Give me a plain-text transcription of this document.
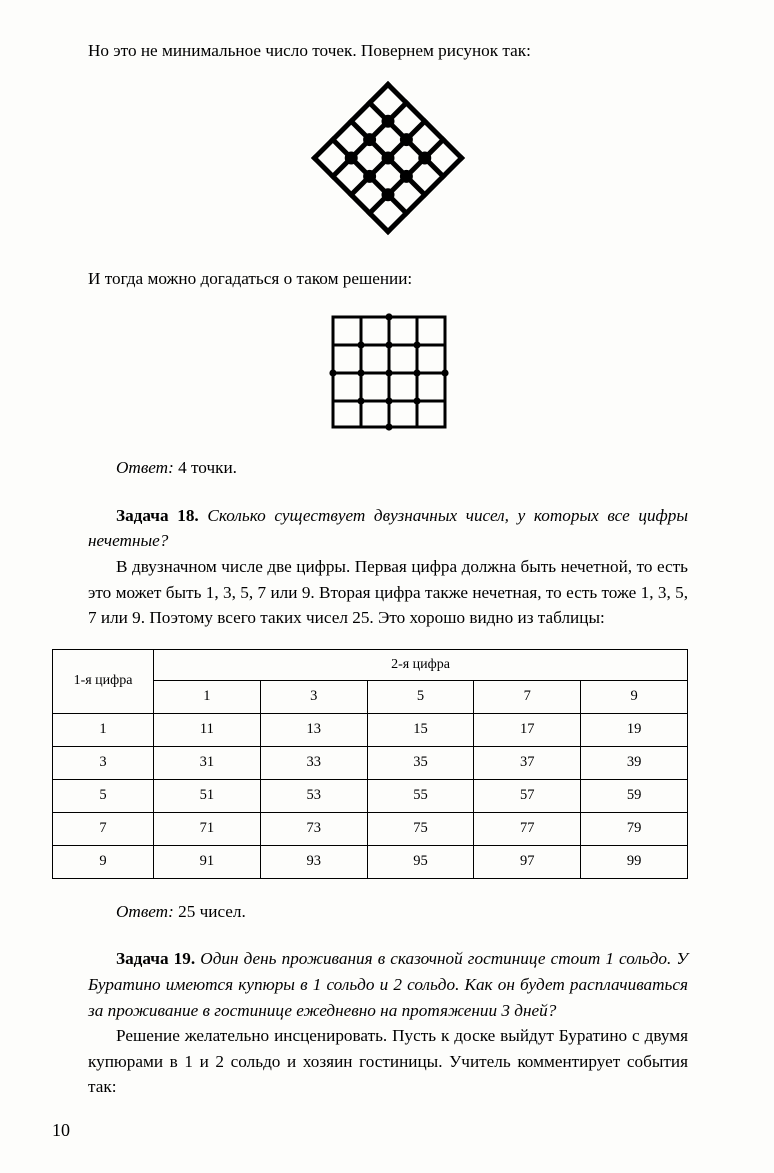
Но это не минимальное число точек. Повернем рисунок так:

И тогда можно догадаться о таком решении:

Ответ: 4 точки.

Задача 18. Сколько существует двузначных чисел, у которых все цифры нечетные?

В двузначном числе две цифры. Первая цифра должна быть нечетной, то есть это может быть 1, 3, 5, 7 или 9. Вторая цифра также нечетная, то есть тоже 1, 3, 5, 7 или 9. Поэтому всего таких чисел 25. Это хорошо видно из таблицы:

1-я цифра	2-я цифра				
	1	3	5	7	9
1	11	13	15	17	19
3	31	33	35	37	39
5	51	53	55	57	59
7	71	73	75	77	79
9	91	93	95	97	99

Ответ: 25 чисел.

Задача 19. Один день проживания в сказочной гостинице стоит 1 сольдо. У Буратино имеются купюры в 1 сольдо и 2 сольдо. Как он будет расплачиваться за проживание в гостинице ежедневно на протяжении 3 дней?

Решение желательно инсценировать. Пусть к доске выйдут Буратино с двумя купюрами в 1 и 2 сольдо и хозяин гостиницы. Учитель комментирует события так:

10
